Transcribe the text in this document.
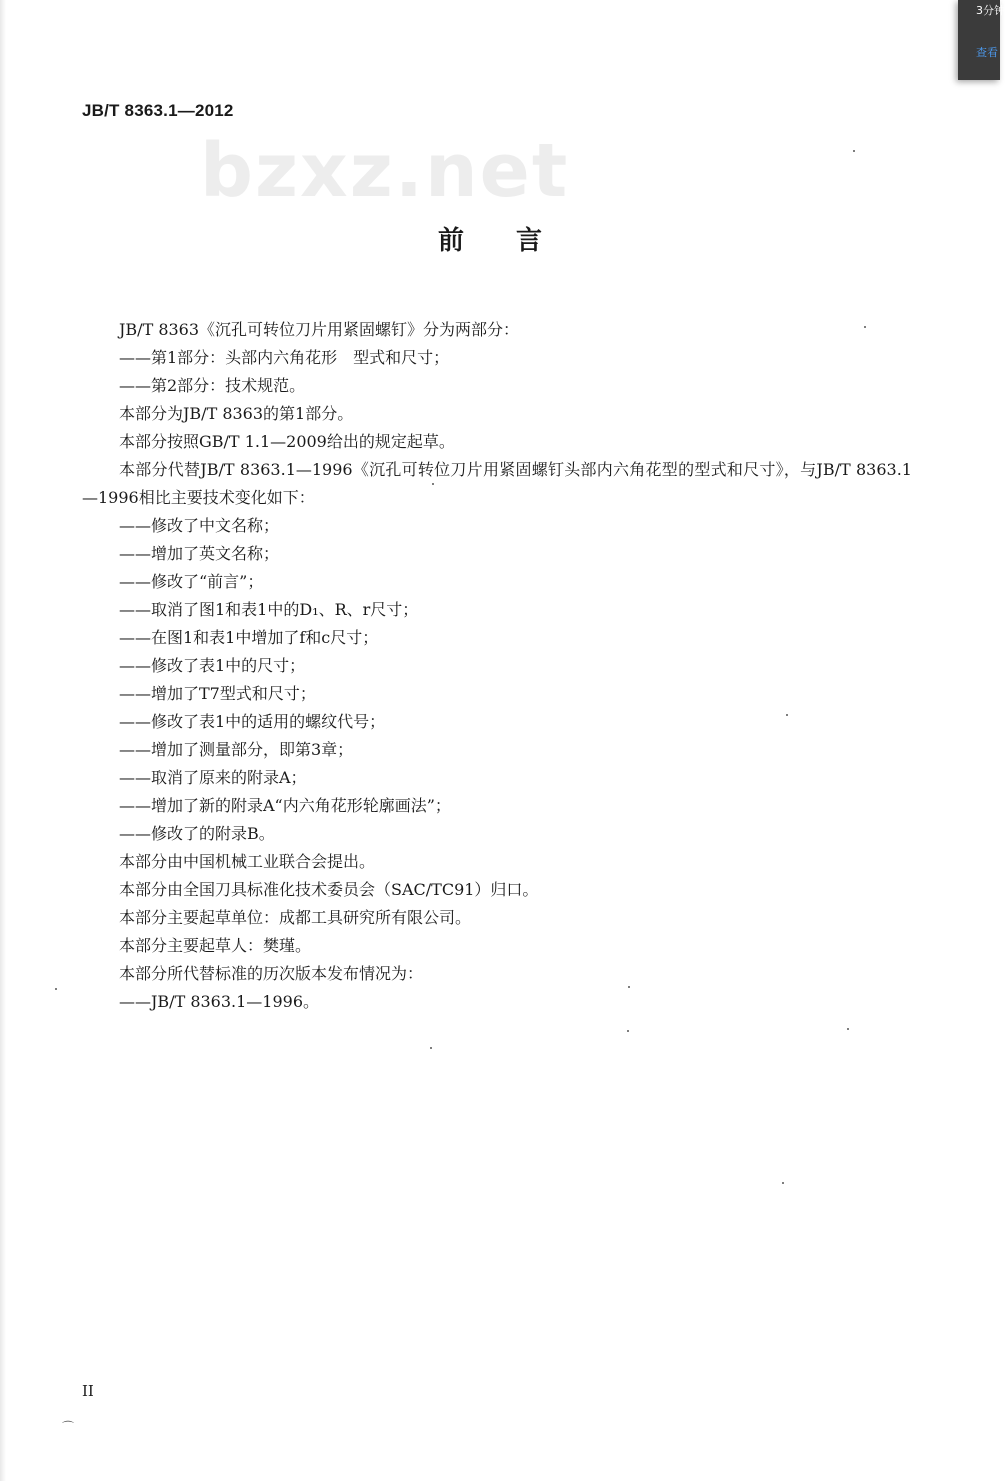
JB/T 8363.1—2012
bzxz.net
前言

JB/T 8363《沉孔可转位刀片用紧固螺钉》分为两部分：

——第1部分：头部内六角花形　型式和尺寸；

——第2部分：技术规范。

本部分为JB/T 8363的第1部分。

本部分按照GB/T 1.1—2009给出的规定起草。

本部分代替JB/T 8363.1—1996《沉孔可转位刀片用紧固螺钉头部内六角花型的型式和尺寸》，与JB/T 8363.1—1996相比主要技术变化如下：

——修改了中文名称；

——增加了英文名称；

——修改了“前言”；

——取消了图1和表1中的D₁、R、r尺寸；

——在图1和表1中增加了f和c尺寸；

——修改了表1中的尺寸；

——增加了T7型式和尺寸；

——修改了表1中的适用的螺纹代号；

——增加了测量部分，即第3章；

——取消了原来的附录A；

——增加了新的附录A“内六角花形轮廓画法”；

——修改了的附录B。

本部分由中国机械工业联合会提出。

本部分由全国刀具标准化技术委员会（SAC/TC91）归口。

本部分主要起草单位：成都工具研究所有限公司。

本部分主要起草人：樊瑾。

本部分所代替标准的历次版本发布情况为：

——JB/T 8363.1—1996。

II
⌒
3分钟
查看
